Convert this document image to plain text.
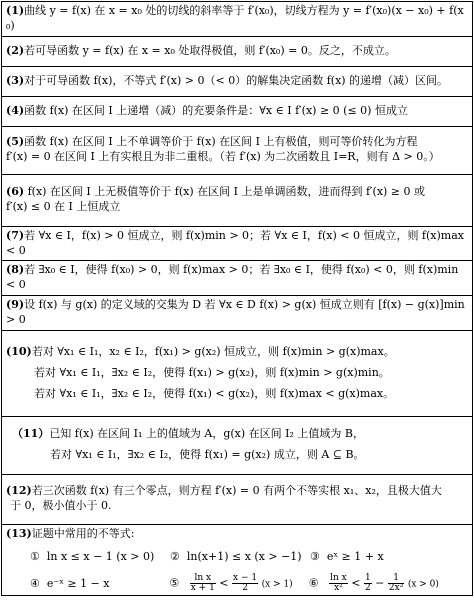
(1)曲线 y = f(x) 在 x = x₀ 处的切线的斜率等于 f′(x₀)，切线方程为 y = f′(x₀)(x − x₀) + f(x₀)
(2)若可导函数 y = f(x) 在 x = x₀ 处取得极值，则 f′(x₀) = 0。反之，不成立。
(3)对于可导函数 f(x)，不等式 f′(x) > 0（< 0）的解集决定函数 f(x) 的递增（减）区间。
(4)函数 f(x) 在区间 I 上递增（减）的充要条件是：∀x ∈ I f′(x) ≥ 0 (≤ 0) 恒成立

(5)函数 f(x) 在区间 I 上不单调等价于 f(x) 在区间 I 上有极值，则可等价转化为方程
f′(x) = 0 在区间 I 上有实根且为非二重根。（若 f′(x) 为二次函数且 I=R，则有 Δ > 0。）

(6) f(x) 在区间 I 上无极值等价于 f(x) 在区间 I 上是单调函数，进而得到 f′(x) ≥ 0 或
f′(x) ≤ 0 在 I 上恒成立

(7)若 ∀x ∈ I，f(x) > 0 恒成立，则 f(x)min > 0；若 ∀x ∈ I，f(x) < 0 恒成立，则 f(x)max < 0
(8)若 ∃x₀ ∈ I，使得 f(x₀) > 0，则 f(x)max > 0；若 ∃x₀ ∈ I，使得 f(x₀) < 0，则 f(x)min < 0
(9)设 f(x) 与 g(x) 的定义域的交集为 D 若 ∀x ∈ D f(x) > g(x) 恒成立则有 [f(x) − g(x)]min > 0

(10)若对 ∀x₁ ∈ I₁，x₂ ∈ I₂，f(x₁) > g(x₂) 恒成立，则 f(x)min > g(x)max。
若对 ∀x₁ ∈ I₁，∃x₂ ∈ I₂，使得 f(x₁) > g(x₂)，则 f(x)min > g(x)min。
若对 ∀x₁ ∈ I₁，∃x₂ ∈ I₂，使得 f(x₁) < g(x₂)，则 f(x)max < g(x)max。

（11）已知 f(x) 在区间 I₁ 上的值域为 A，g(x) 在区间 I₂ 上值域为 B，
若对 ∀x₁ ∈ I₁，∃x₂ ∈ I₂，使得 f(x₁) = g(x₂) 成立，则 A ⊆ B。

(12)若三次函数 f(x) 有三个零点，则方程 f′(x) = 0 有两个不等实根 x₁、x₂，且极大值大
于 0，极小值小于 0.

(13)证题中常用的不等式:
① ln x ≤ x − 1 (x > 0)	② ln(x+1) ≤ x (x > −1) ③ eˣ ≥ 1 + x
④ e⁻ˣ ≥ 1 − x	⑤ $\frac{\text{ln x}}{x + 1} < \frac{x - 1}{2} (x > 1)$	⑥ $\frac{\text{ln x}}{\text{x²}} < \frac{1}{2} - \frac{1}{\text{2x²}} (x > 0)$
